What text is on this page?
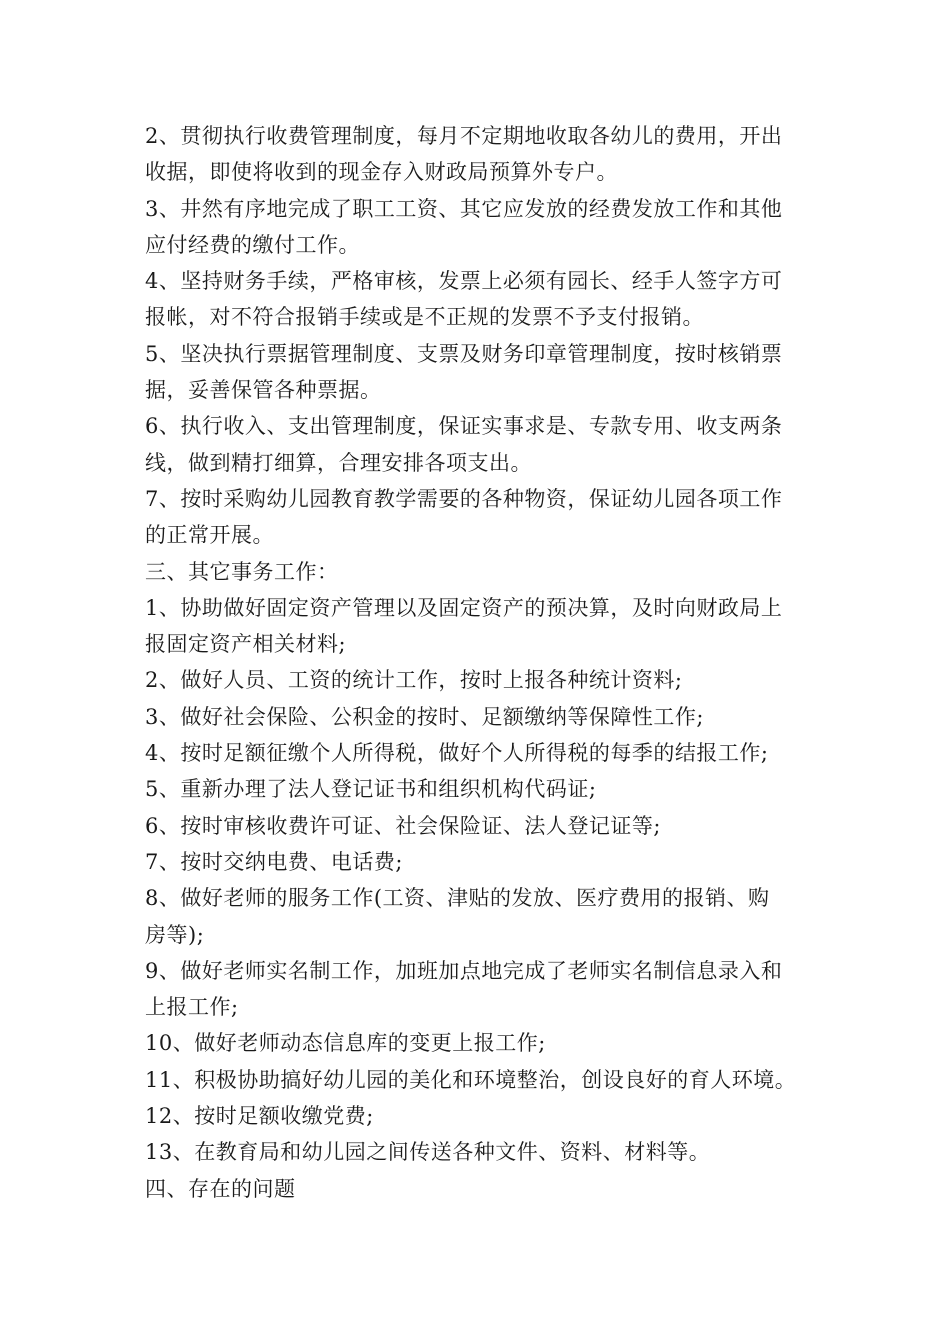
2、贯彻执行收费管理制度，每月不定期地收取各幼儿的费用，开出
收据，即使将收到的现金存入财政局预算外专户。
3、井然有序地完成了职工工资、其它应发放的经费发放工作和其他
应付经费的缴付工作。
4、坚持财务手续，严格审核，发票上必须有园长、经手人签字方可
报帐，对不符合报销手续或是不正规的发票不予支付报销。
5、坚决执行票据管理制度、支票及财务印章管理制度，按时核销票
据，妥善保管各种票据。
6、执行收入、支出管理制度，保证实事求是、专款专用、收支两条
线，做到精打细算，合理安排各项支出。
7、按时采购幼儿园教育教学需要的各种物资，保证幼儿园各项工作
的正常开展。
三、其它事务工作：
1、协助做好固定资产管理以及固定资产的预决算，及时向财政局上
报固定资产相关材料;
2、做好人员、工资的统计工作，按时上报各种统计资料;
3、做好社会保险、公积金的按时、足额缴纳等保障性工作;
4、按时足额征缴个人所得税，做好个人所得税的每季的结报工作;
5、重新办理了法人登记证书和组织机构代码证;
6、按时审核收费许可证、社会保险证、法人登记证等;
7、按时交纳电费、电话费;
8、做好老师的服务工作(工资、津贴的发放、医疗费用的报销、购
房等);
9、做好老师实名制工作，加班加点地完成了老师实名制信息录入和
上报工作;
10、做好老师动态信息库的变更上报工作;
11、积极协助搞好幼儿园的美化和环境整治，创设良好的育人环境。
12、按时足额收缴党费;
13、在教育局和幼儿园之间传送各种文件、资料、材料等。
四、存在的问题
